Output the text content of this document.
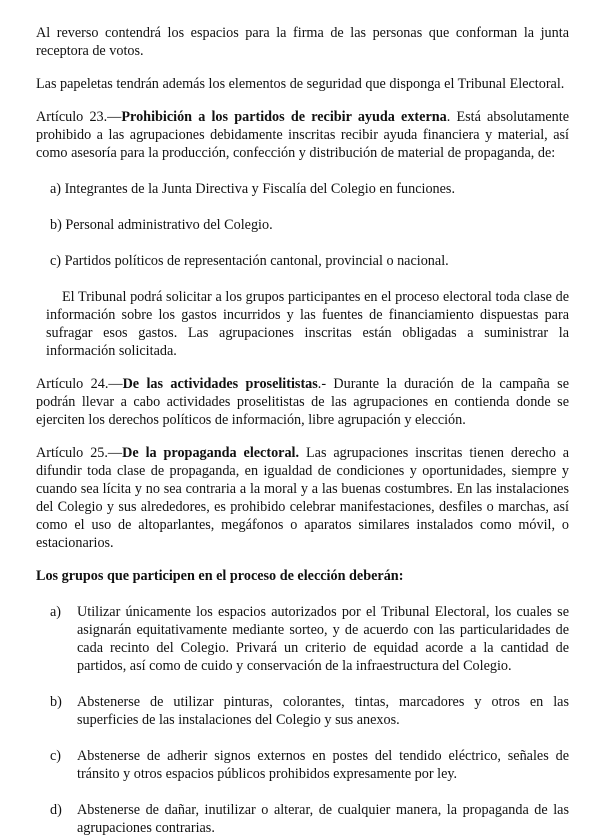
Al reverso contendrá los espacios para la firma de las personas que conforman la junta receptora de votos.

Las papeletas tendrán además los elementos de seguridad que disponga el Tribunal Electoral.

Artículo 23.—Prohibición a los partidos de recibir ayuda externa. Está absolutamente prohibido a las agrupaciones debidamente inscritas recibir ayuda financiera y material, así como asesoría para la producción, confección y distribución de material de propaganda, de:

a) Integrantes de la Junta Directiva y Fiscalía del Colegio en funciones.

b) Personal administrativo del Colegio.

c) Partidos políticos de representación cantonal, provincial o nacional.

El Tribunal podrá solicitar a los grupos participantes en el proceso electoral toda clase de información sobre los gastos incurridos y las fuentes de financiamiento dispuestas para sufragar esos gastos. Las agrupaciones inscritas están obligadas a suministrar la información solicitada.

Artículo 24.—De las actividades proselitistas.- Durante la duración de la campaña se podrán llevar a cabo actividades proselitistas de las agrupaciones en contienda donde se ejerciten los derechos políticos de información, libre agrupación y elección.

Artículo 25.—De la propaganda electoral. Las agrupaciones inscritas tienen derecho a difundir toda clase de propaganda, en igualdad de condiciones y oportunidades, siempre y cuando sea lícita y no sea contraria a la moral y a las buenas costumbres. En las instalaciones del Colegio y sus alrededores, es prohibido celebrar manifestaciones, desfiles o marchas, así como el uso de altoparlantes, megáfonos o aparatos similares instalados como móvil, o estacionarios.

Los grupos que participen en el proceso de elección deberán:

a) Utilizar únicamente los espacios autorizados por el Tribunal Electoral, los cuales se asignarán equitativamente mediante sorteo, y de acuerdo con las particularidades de cada recinto del Colegio. Privará un criterio de equidad acorde a la cantidad de partidos, así como de cuido y conservación de la infraestructura del Colegio.
b) Abstenerse de utilizar pinturas, colorantes, tintas, marcadores y otros en las superficies de las instalaciones del Colegio y sus anexos.
c) Abstenerse de adherir signos externos en postes del tendido eléctrico, señales de tránsito y otros espacios públicos prohibidos expresamente por ley.
d) Abstenerse de dañar, inutilizar o alterar, de cualquier manera, la propaganda de las agrupaciones contrarias.
